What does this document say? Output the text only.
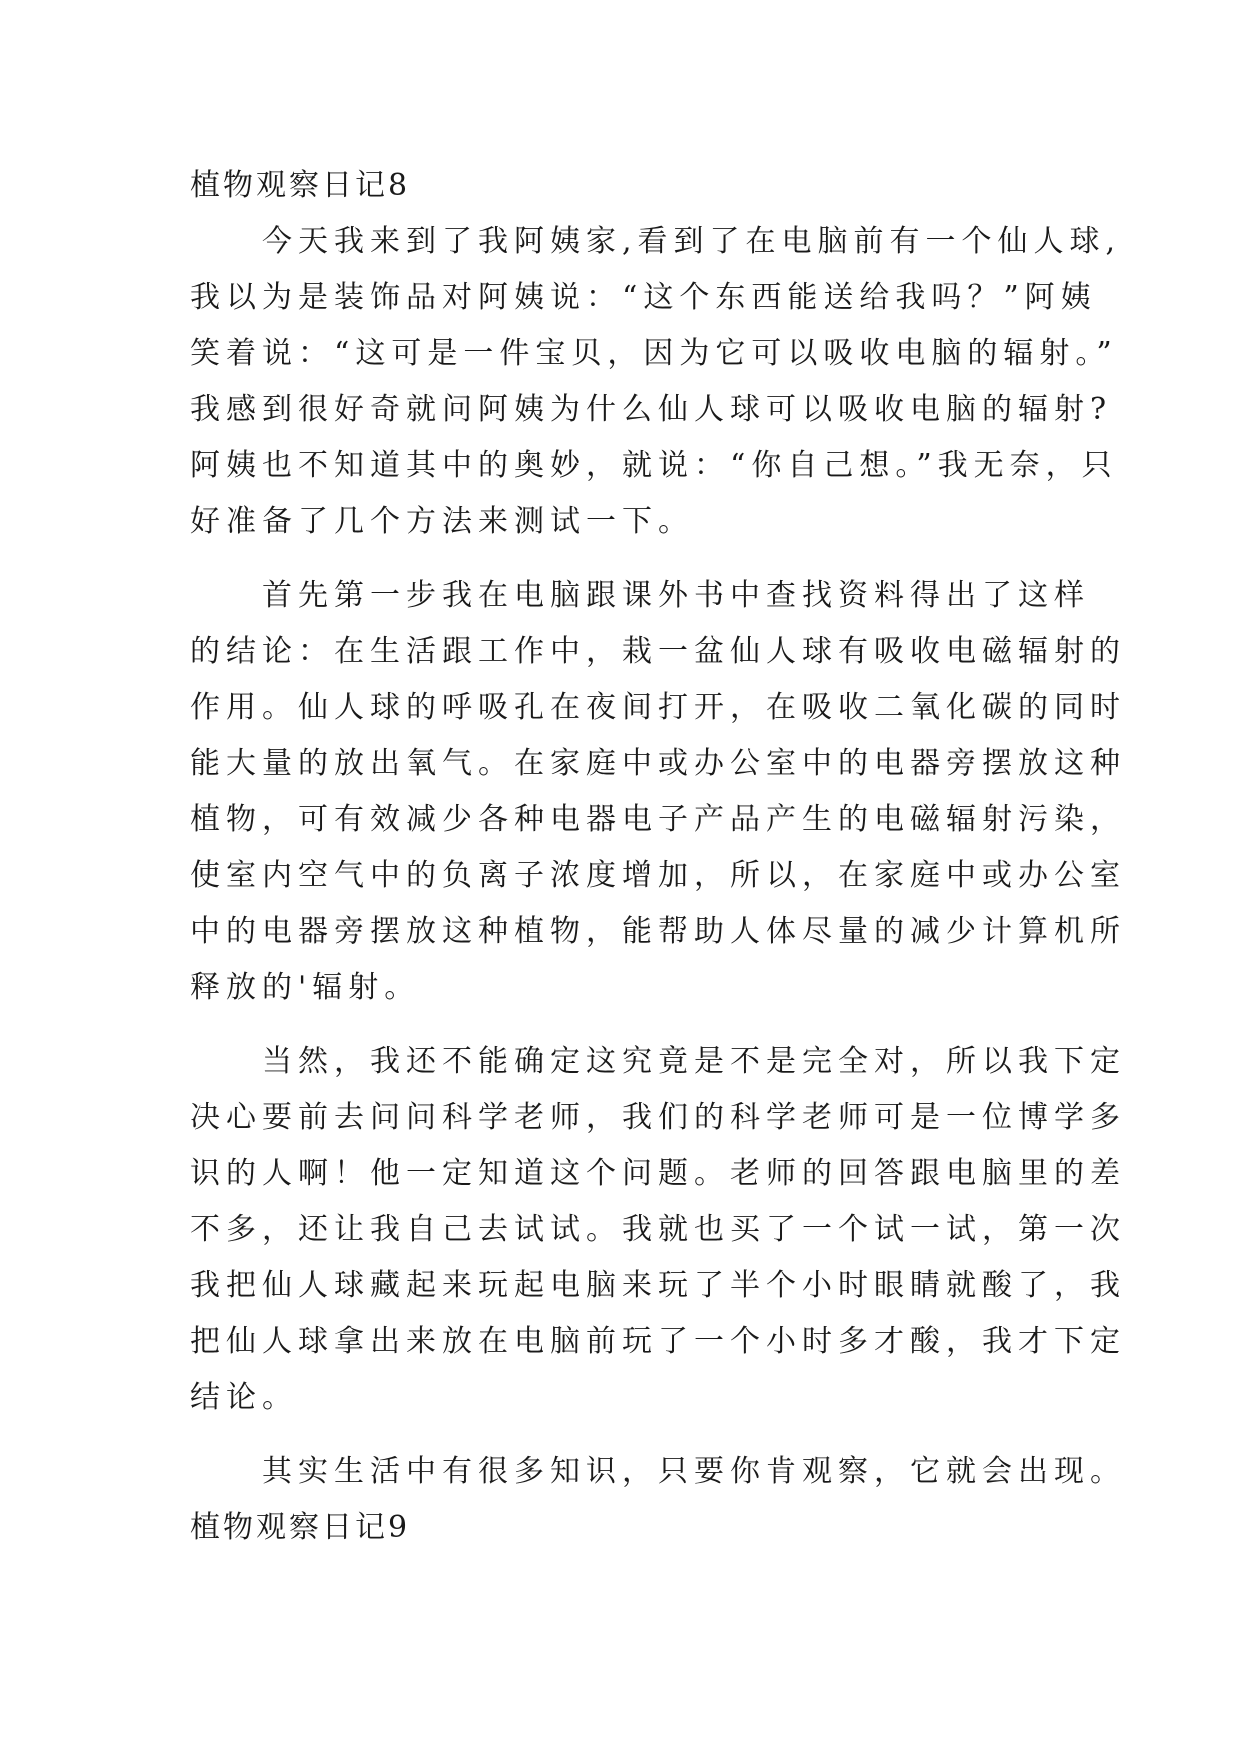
植物观察日记8
今天我来到了我阿姨家,看到了在电脑前有一个仙人球,
我以为是装饰品对阿姨说：“这个东西能送给我吗？”阿姨
笑着说：“这可是一件宝贝，因为它可以吸收电脑的辐射。”
我感到很好奇就问阿姨为什么仙人球可以吸收电脑的辐射?
阿姨也不知道其中的奥妙，就说：“你自己想。”我无奈，只
好准备了几个方法来测试一下。
首先第一步我在电脑跟课外书中查找资料得出了这样
的结论：在生活跟工作中，栽一盆仙人球有吸收电磁辐射的
作用。仙人球的呼吸孔在夜间打开，在吸收二氧化碳的同时
能大量的放出氧气。在家庭中或办公室中的电器旁摆放这种
植物，可有效减少各种电器电子产品产生的电磁辐射污染，
使室内空气中的负离子浓度增加，所以，在家庭中或办公室
中的电器旁摆放这种植物，能帮助人体尽量的减少计算机所
释放的'辐射。
当然，我还不能确定这究竟是不是完全对，所以我下定
决心要前去问问科学老师，我们的科学老师可是一位博学多
识的人啊！他一定知道这个问题。老师的回答跟电脑里的差
不多，还让我自己去试试。我就也买了一个试一试，第一次
我把仙人球藏起来玩起电脑来玩了半个小时眼睛就酸了，我
把仙人球拿出来放在电脑前玩了一个小时多才酸，我才下定
结论。
其实生活中有很多知识，只要你肯观察，它就会出现。
植物观察日记9
